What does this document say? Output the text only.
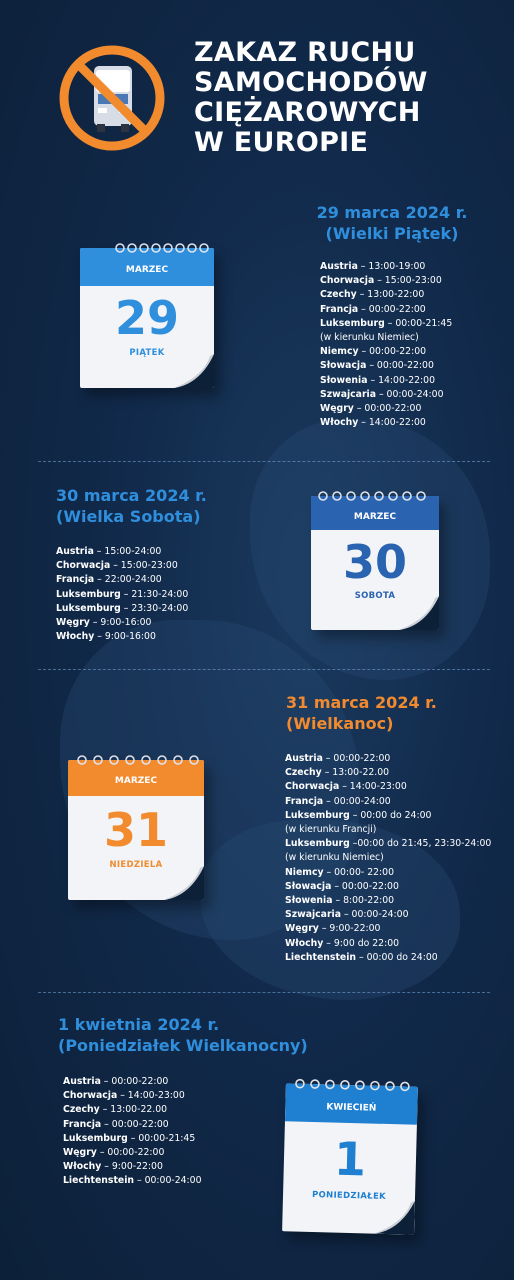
ZAKAZ RUCHU
SAMOCHODÓW
CIĘŻAROWYCH
W EUROPIE
29 marca 2024 r.
(Wielki Piątek)
MARZEC
29
PIĄTEK
Austria – 13:00-19:00
Chorwacja – 15:00-23:00
Czechy – 13:00-22:00
Francja – 00:00-22:00
Luksemburg – 00:00-21:45
(w kierunku Niemiec)
Niemcy – 00:00-22:00
Słowacja – 00:00-22:00
Słowenia – 14:00-22:00
Szwajcaria – 00:00-24:00
Węgry – 00:00-22:00
Włochy – 14:00-22:00
30 marca 2024 r.
(Wielka Sobota)
Austria – 15:00-24:00
Chorwacja – 15:00-23:00
Francja – 22:00-24:00
Luksemburg – 21:30-24:00
Luksemburg – 23:30-24:00
Węgry – 9:00-16:00
Włochy – 9:00-16:00
MARZEC
30
SOBOTA
31 marca 2024 r.
(Wielkanoc)
MARZEC
31
NIEDZIELA
Austria – 00:00-22:00
Czechy – 13:00-22.00
Chorwacja – 14:00-23:00
Francja – 00:00-24:00
Luksemburg – 00:00 do 24:00
(w kierunku Francji)
Luksemburg –00:00 do 21:45, 23:30-24:00
(w kierunku Niemiec)
Niemcy – 00:00- 22:00
Słowacja – 00:00-22:00
Słowenia – 8:00-22:00
Szwajcaria – 00:00-24:00
Węgry – 9:00-22:00
Włochy – 9:00 do 22:00
Liechtenstein – 00:00 do 24:00
1 kwietnia 2024 r.
(Poniedziałek Wielkanocny)
Austria – 00:00-22:00
Chorwacja – 14:00-23:00
Czechy – 13:00-22.00
Francja – 00:00-22:00
Luksemburg – 00:00-21:45
Węgry – 00:00-22:00
Włochy – 9:00-22:00
Liechtenstein – 00:00-24:00
KWIECIEŃ
1
PONIEDZIAŁEK
